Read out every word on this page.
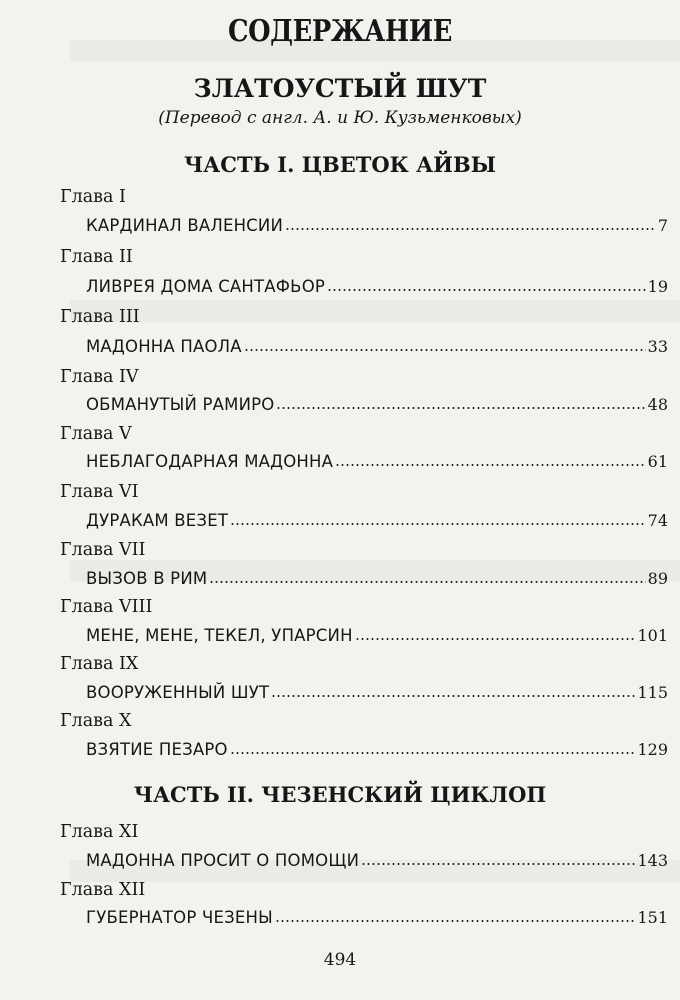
СОДЕРЖАНИЕ
ЗЛАТОУСТЫЙ ШУТ
(Перевод с англ. А. и Ю. Кузьменковых)
ЧАСТЬ I. ЦВЕТОК АЙВЫ
Глава I
КАРДИНАЛ ВАЛЕНСИИ	7
Глава II
ЛИВРЕЯ ДОМА САНТАФЬОР	19
Глава III
МАДОННА ПАОЛА	33
Глава IV
ОБМАНУТЫЙ РАМИРО	48
Глава V
НЕБЛАГОДАРНАЯ МАДОННА	61
Глава VI
ДУРАКАМ ВЕЗЕТ	74
Глава VII
ВЫЗОВ В РИМ	89
Глава VIII
МЕНЕ, МЕНЕ, ТЕКЕЛ, УПАРСИН	101
Глава IX
ВООРУЖЕННЫЙ ШУТ	115
Глава X
ВЗЯТИЕ ПЕЗАРО	129
ЧАСТЬ II. ЧЕЗЕНСКИЙ ЦИКЛОП
Глава XI
МАДОННА ПРОСИТ О ПОМОЩИ	143
Глава XII
ГУБЕРНАТОР ЧЕЗЕНЫ	151
494
